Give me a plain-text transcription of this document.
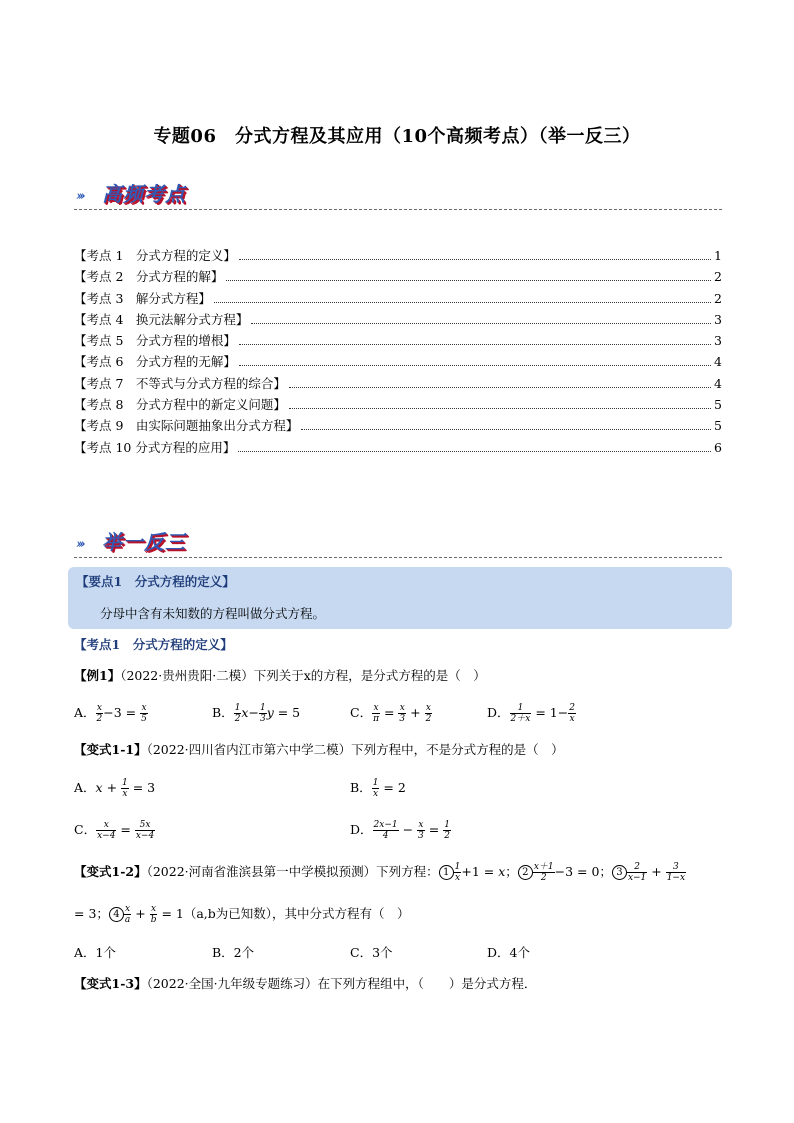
专题06　分式方程及其应用（10个高频考点）（举一反三）
››› 高频考点
【考点 1　分式方程的定义】	1
【考点 2　分式方程的解】	2
【考点 3　解分式方程】	2
【考点 4　换元法解分式方程】	3
【考点 5　分式方程的增根】	3
【考点 6　分式方程的无解】	4
【考点 7　不等式与分式方程的综合】	4
【考点 8　分式方程中的新定义问题】	5
【考点 9　由实际问题抽象出分式方程】	5
【考点 10 分式方程的应用】	6
››› 举一反三
【要点1　分式方程的定义】
分母中含有未知数的方程叫做分式方程。
【考点1　分式方程的定义】
【例1】（2022·贵州贵阳·二模）下列关于x的方程，是分式方程的是（　）
A． $\frac{x}{2} -3 = \frac{x}{5}$	B． $\frac{1}{2} x- \frac{1}{3}$ y = 5	C． $\frac{x}{\pi} = \frac{x}{3} + \frac{x}{2}$	D． $\frac{1}{2+x} = 1- \frac{2}{x}$
【变式1-1】（2022·四川省内江市第六中学二模）下列方程中，不是分式方程的是（　）
A．$x + \frac{1}{x} = 3$	B． $\frac{1}{x} = 2$
C． $\frac{x}{x-4} = \frac{5x}{x-4}$	D． $\frac{2x-1}{4} - \frac{x}{3} = \frac{1}{2}$
【变式1-2】（2022·河南省淮滨县第一中学模拟预测）下列方程： $1 \frac{1}{x} +1 = x$； $2 \frac{x+1}{2} -3 = 0$； $3 \frac{2}{x-1} + \frac{3}{1-x}$
= 3； $4 \frac{x}{a} + \frac{x}{b} = 1(a,b$为已知数），其中分式方程有（　）
A．1个	B．2个	C．3个	D．4个
【变式1-3】（2022·全国·九年级专题练习）在下列方程组中，（　　）是分式方程．
